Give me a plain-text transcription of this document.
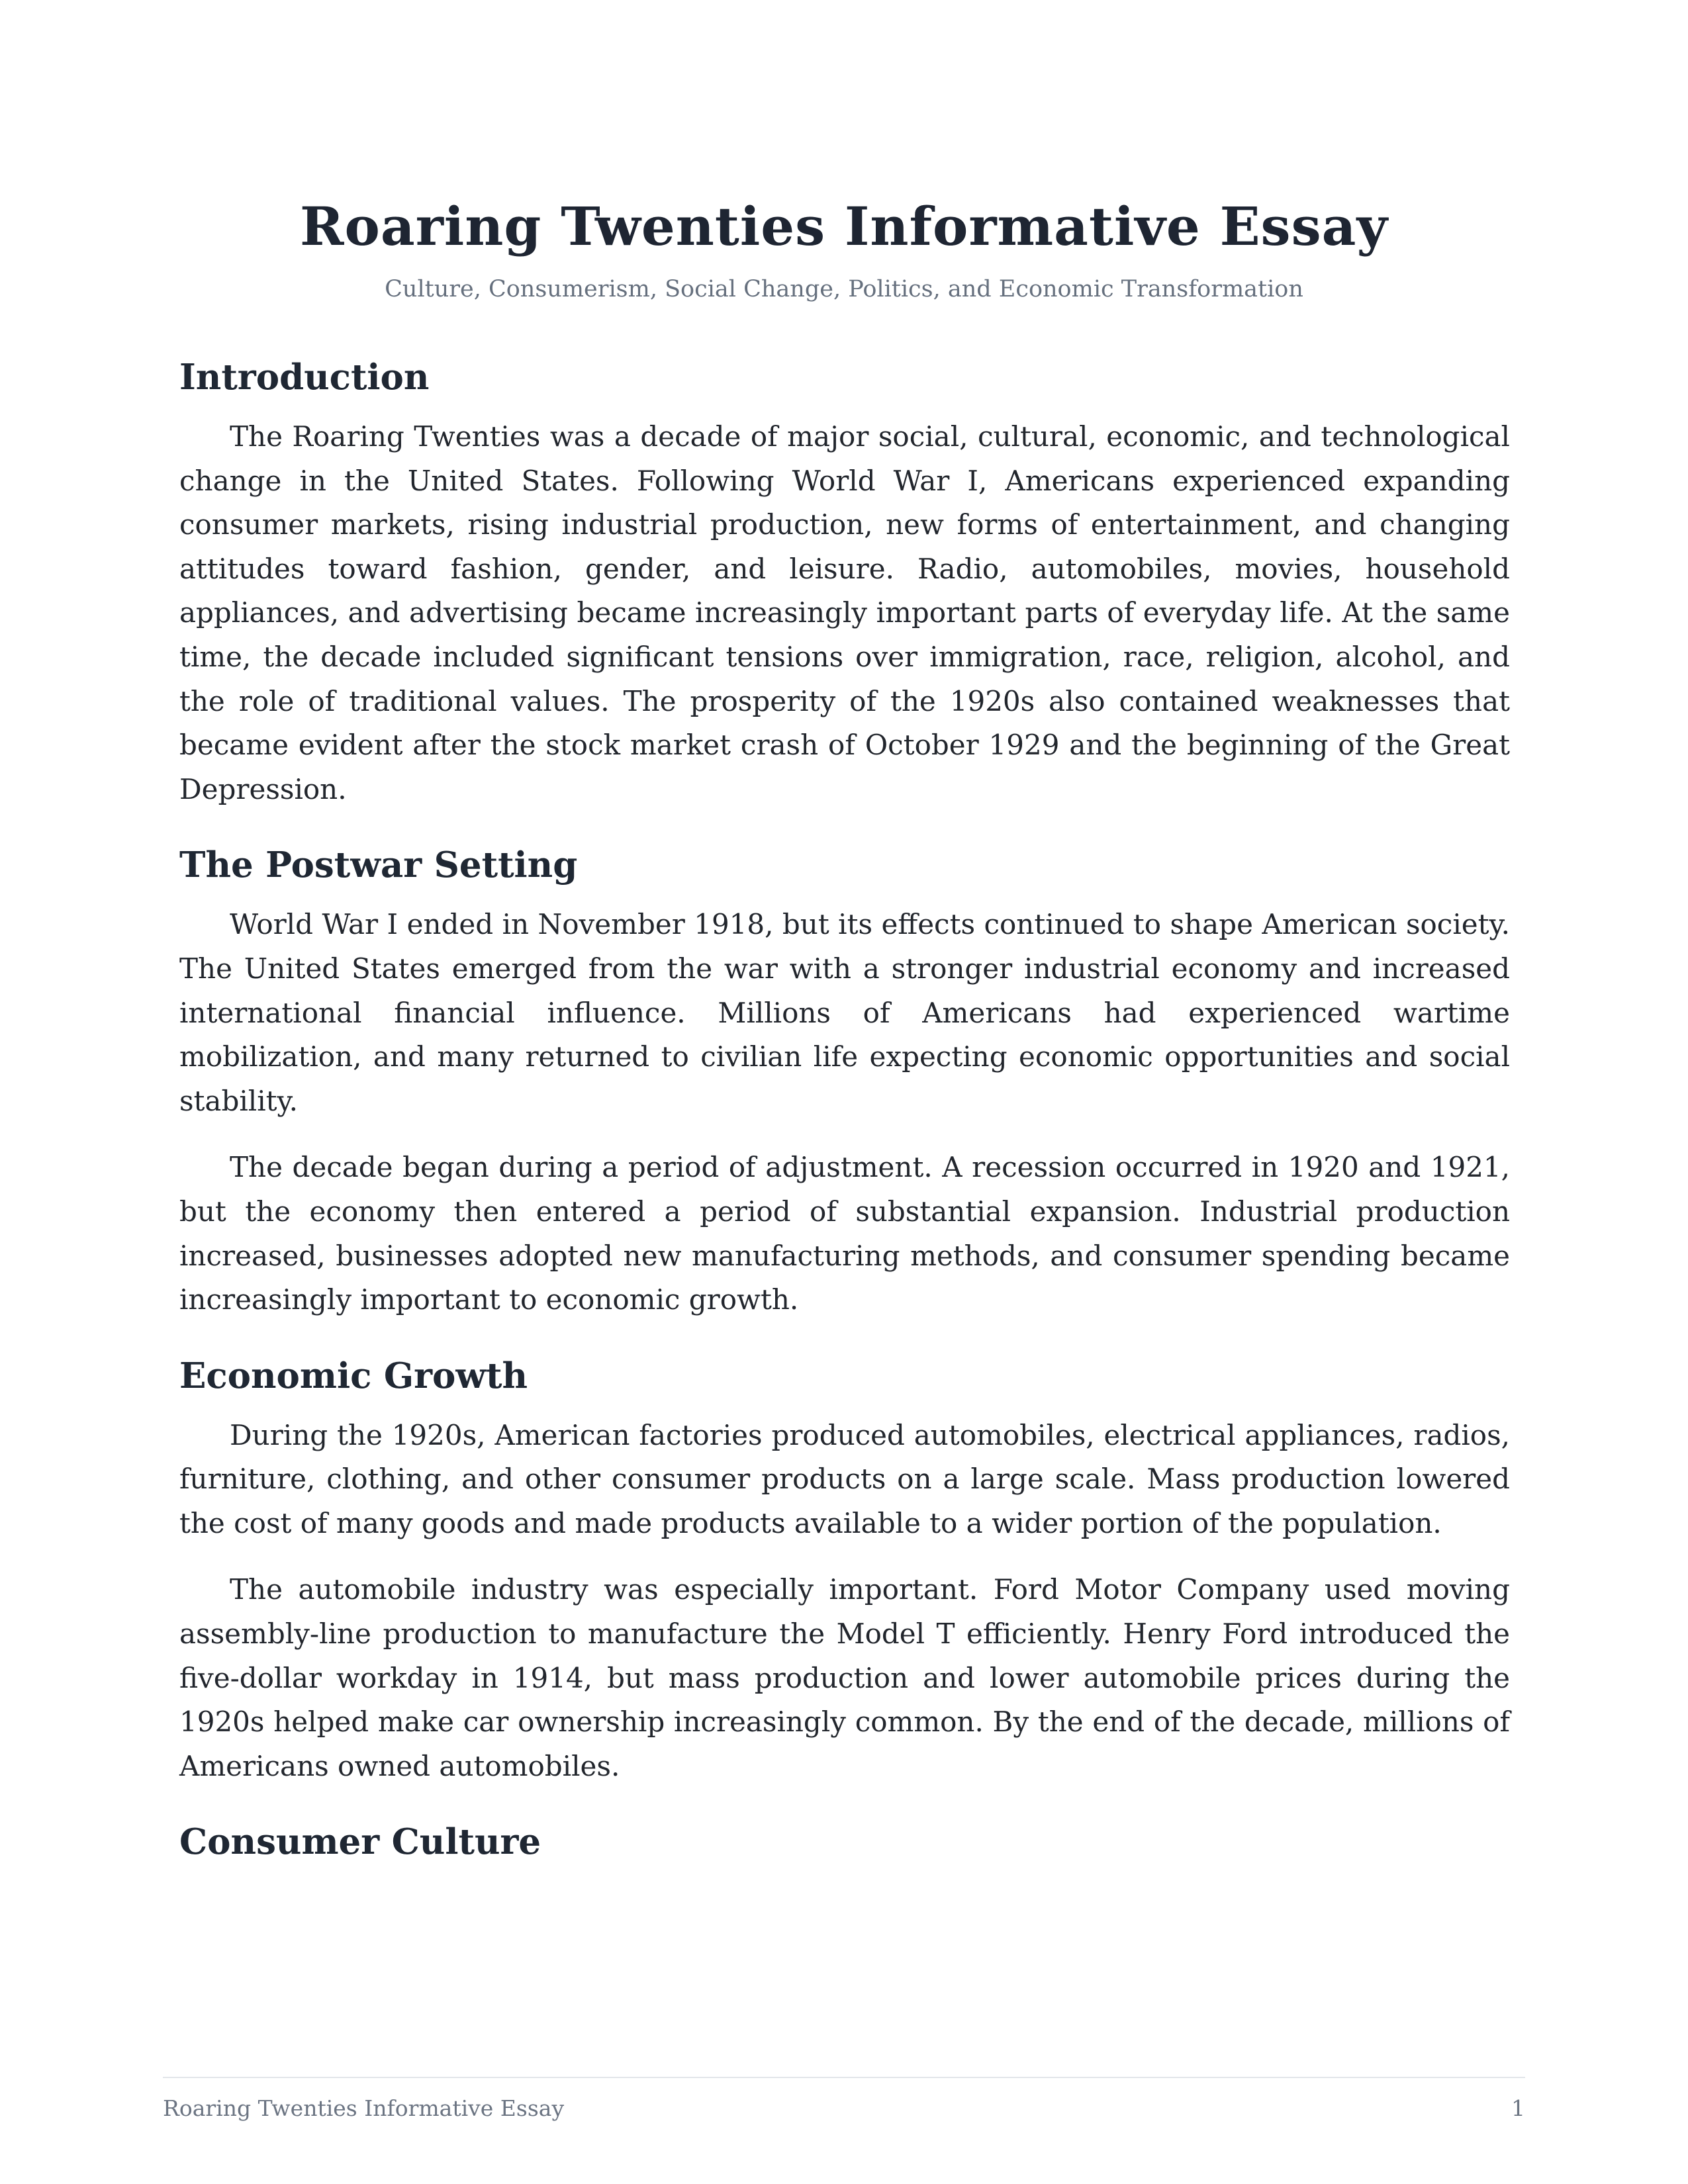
Roaring Twenties Informative Essay

Culture, Consumerism, Social Change, Politics, and Economic Transformation

Introduction

The Roaring Twenties was a decade of major social, cultural, economic, and technological change in the United States. Following World War I, Americans experienced expanding consumer markets, rising industrial production, new forms of entertainment, and changing attitudes toward fashion, gender, and leisure. Radio, automobiles, movies, household appliances, and advertising became increasingly important parts of everyday life. At the same time, the decade included significant tensions over immigration, race, religion, alcohol, and the role of traditional values. The prosperity of the 1920s also contained weaknesses that became evident after the stock market crash of October 1929 and the beginning of the Great Depression.

The Postwar Setting

World War I ended in November 1918, but its effects continued to shape American society. The United States emerged from the war with a stronger industrial economy and increased international financial influence. Millions of Americans had experienced wartime mobilization, and many returned to civilian life expecting economic opportunities and social stability.

The decade began during a period of adjustment. A recession occurred in 1920 and 1921, but the economy then entered a period of substantial expansion. Industrial production increased, businesses adopted new manufacturing methods, and consumer spending became increasingly important to economic growth.

Economic Growth

During the 1920s, American factories produced automobiles, electrical appliances, radios, furniture, clothing, and other consumer products on a large scale. Mass production lowered the cost of many goods and made products available to a wider portion of the population.

The automobile industry was especially important. Ford Motor Company used moving assembly-line production to manufacture the Model T efficiently. Henry Ford introduced the five-dollar workday in 1914, but mass production and lower automobile prices during the 1920s helped make car ownership increasingly common. By the end of the decade, millions of Americans owned automobiles.

Consumer Culture
Roaring Twenties Informative Essay	1
